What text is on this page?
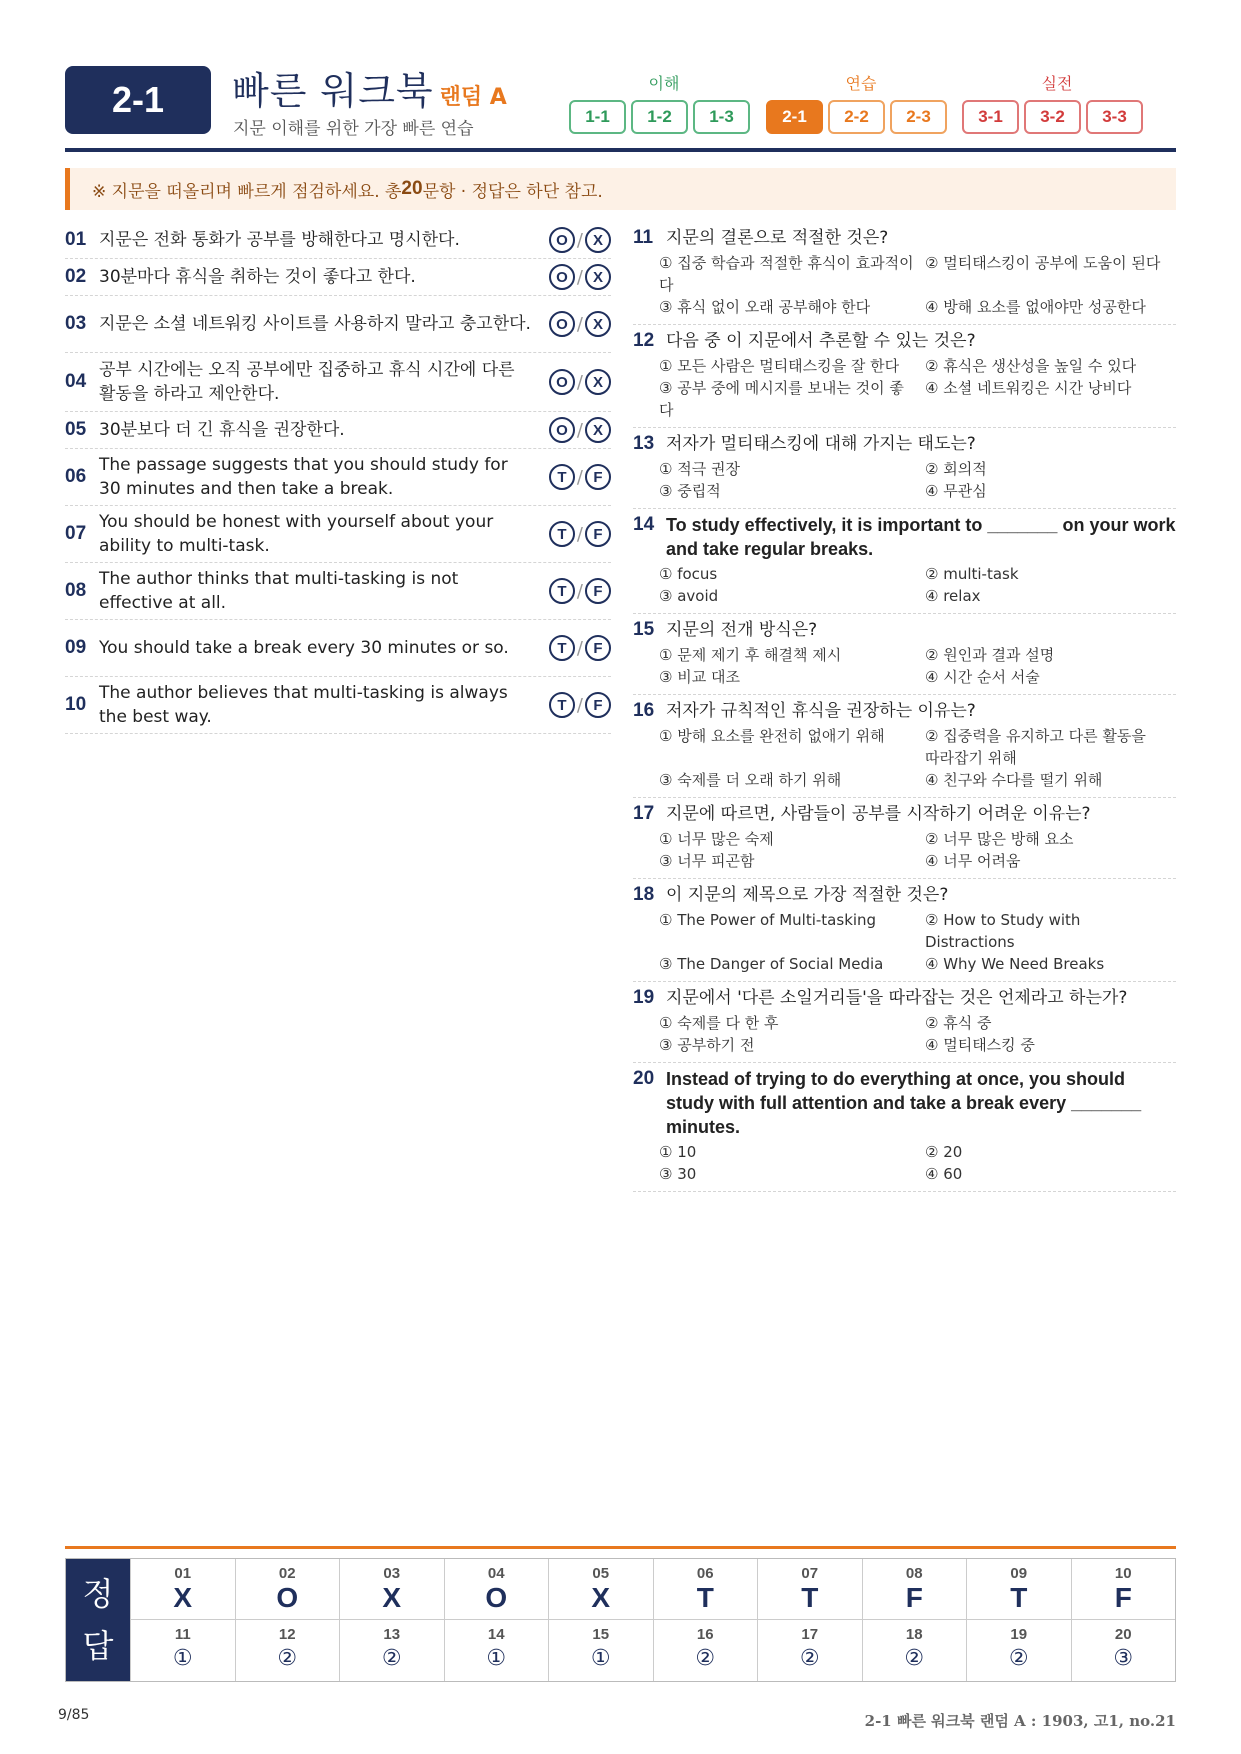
2-1	빠른 워크북 랜덤 A
지문 이해를 위한 가장 빠른 연습
이해
1-1	1-2	1-3
연습
2-1	2-2	2-3
실전
3-1	3-2	3-3
※ 지문을 떠올리며 빠르게 점검하세요. 총 20 문항 · 정답은 하단 참고.
01 지문은 전화 통화가 공부를 방해한다고 명시한다.	O / X
02 30분마다 휴식을 취하는 것이 좋다고 한다.	O / X
03 지문은 소셜 네트워킹 사이트를 사용하지 말라고 충고한다.	O / X
04
공부 시간에는 오직 공부에만 집중하고 휴식 시간에 다른 활동을 하라고 제안한다.
O / X
05 30분보다 더 긴 휴식을 권장한다.	O / X
06
The passage suggests that you should study for 30 minutes and then take a break.
T / F
07
You should be honest with yourself about your ability to multi-task.
T / F
08
The author thinks that multi-tasking is not effective at all.
T / F
09 You should take a break every 30 minutes or so.	T / F
10
The author believes that multi-tasking is always the best way.
T / F
11 지문의 결론으로 적절한 것은?
① 집중 학습과 적절한 휴식이 효과적이다
② 멀티태스킹이 공부에 도움이 된다
③ 휴식 없이 오래 공부해야 한다	④ 방해 요소를 없애야만 성공한다
12 다음 중 이 지문에서 추론할 수 있는 것은?
① 모든 사람은 멀티태스킹을 잘 한다	② 휴식은 생산성을 높일 수 있다
③ 공부 중에 메시지를 보내는 것이 좋다
④ 소셜 네트워킹은 시간 낭비다
13 저자가 멀티태스킹에 대해 가지는 태도는?
① 적극 권장	② 회의적
③ 중립적	④ 무관심
14 To study effectively, it is important to _______ on your work and take regular breaks.
① focus	② multi-task
③ avoid	④ relax
15 지문의 전개 방식은?
① 문제 제기 후 해결책 제시	② 원인과 결과 설명
③ 비교 대조	④ 시간 순서 서술
16 저자가 규칙적인 휴식을 권장하는 이유는?
① 방해 요소를 완전히 없애기 위해	② 집중력을 유지하고 다른 활동을 따라잡기 위해
③ 숙제를 더 오래 하기 위해	④ 친구와 수다를 떨기 위해
17 지문에 따르면, 사람들이 공부를 시작하기 어려운 이유는?
① 너무 많은 숙제	② 너무 많은 방해 요소
③ 너무 피곤함	④ 너무 어려움
18 이 지문의 제목으로 가장 적절한 것은?
① The Power of Multi-tasking	② How to Study with Distractions
③ The Danger of Social Media	④ Why We Need Breaks
19 지문에서 '다른 소일거리들'을 따라잡는 것은 언제라고 하는가?
① 숙제를 다 한 후	② 휴식 중
③ 공부하기 전	④ 멀티태스킹 중
20 Instead of trying to do everything at once, you should study with full attention and take a break every _______ minutes.
① 10	② 20
③ 30	④ 60
정
답
01
X
02
O
03
X
04
O
05
X
06
T
07
T
08
F
09
T
10
F
11
①
12
②
13
②
14
①
15
①
16
②
17
②
18
②
19
②
20
③
9/85	2-1 빠른 워크북 랜덤 A : 1903, 고1, no.21
